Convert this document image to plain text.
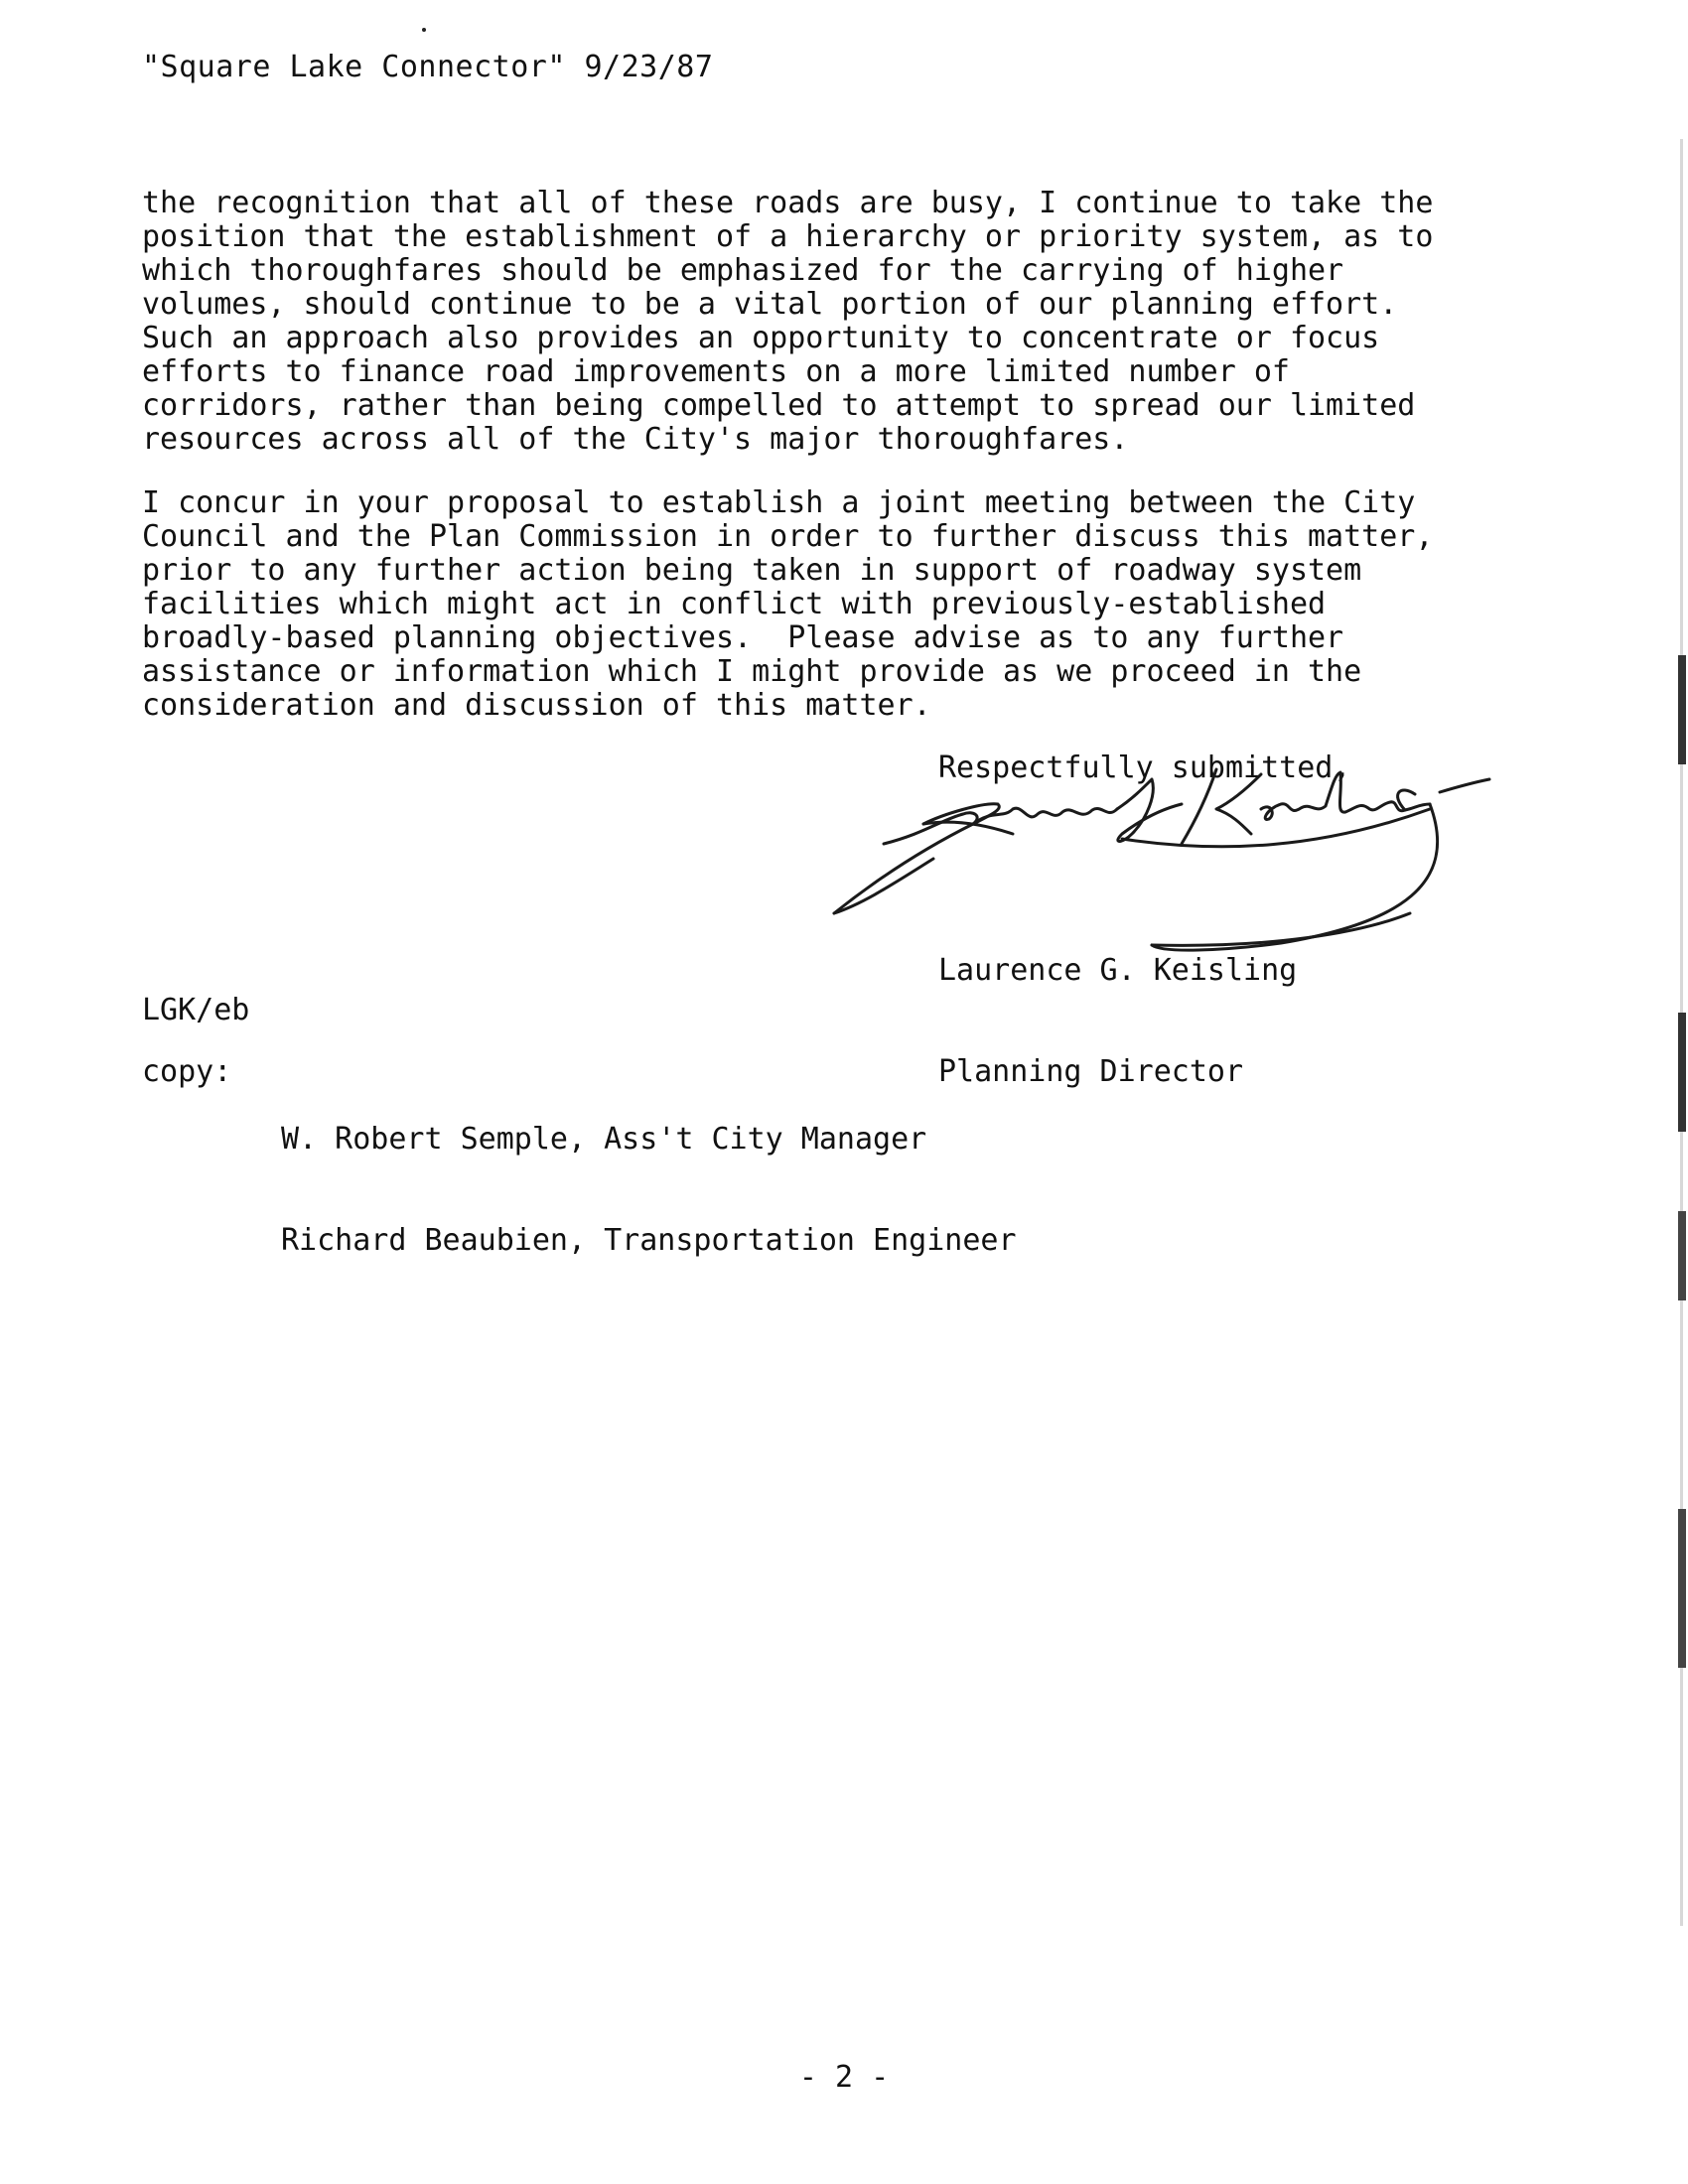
"Square Lake Connector" 9/23/87
the recognition that all of these roads are busy, I continue to take the
position that the establishment of a hierarchy or priority system, as to
which thoroughfares should be emphasized for the carrying of higher
volumes, should continue to be a vital portion of our planning effort.
Such an approach also provides an opportunity to concentrate or focus
efforts to finance road improvements on a more limited number of
corridors, rather than being compelled to attempt to spread our limited
resources across all of the City's major thoroughfares.
I concur in your proposal to establish a joint meeting between the City
Council and the Plan Commission in order to further discuss this matter,
prior to any further action being taken in support of roadway system
facilities which might act in conflict with previously-established
broadly-based planning objectives.  Please advise as to any further
assistance or information which I might provide as we proceed in the
consideration and discussion of this matter.
Respectfully submitted,

Laurence G. Keisling

Planning Director

LGK/eb
copy:

W. Robert Semple, Ass't City Manager

Richard Beaubien, Transportation Engineer

- 2 -
